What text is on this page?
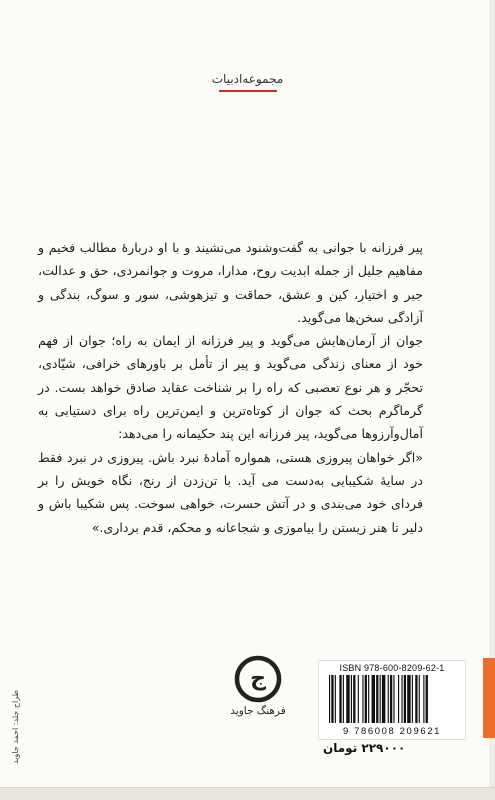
مجموعه‌ادبیات

پیر فرزانه با جوانی به گفت‌وشنود می‌نشیند و با او دربارهٔ مطالب فخیم و مفاهیم جلیل از جمله ابدیت روح، مدارا، مروت و جوانمردی، حق و عدالت، جبر و اختیار، کین و عشق، حماقت و تیزهوشی، سور و سوگ، بندگی و آزادگی سخن‌ها می‌گوید.

جوان از آرمان‌هایش می‌گوید و پیر فرزانه از ایمان به راه؛ جوان از فهم خود از معنای زندگی می‌گوید و پیر از تأمل بر باورهای خرافی، شیّادی، تحجّر و هر نوع تعصبی که راه را بر شناخت عقاید صادق خواهد بست. در گرماگرم بحث که جوان از کوتاه‌ترین و ایمن‌ترین راه برای دستیابی به آمال‌وآرزوها می‌گوید، پیر فرزانه این پند حکیمانه را می‌دهد:

«اگر خواهان پیروزی هستی، همواره آمادهٔ نبرد باش. پیروزی در نبرد فقط در سایهٔ شکیبایی به‌دست می آید. با تن‌زدن از رنج، نگاه خویش را بر فردای خود می‌بندی و در آتش حسرت، خواهی سوخت. پس شکیبا باش و دلیر تا هنر زیستن را بیاموزی و شجاعانه و محکم، قدم برداری.»

طراح جلد: احمد جاوید
ج
فرهنگ‌ جاوید
ISBN 978-600-8209-62-1
9 786008 209621
۲۲۹۰۰۰ تومان
